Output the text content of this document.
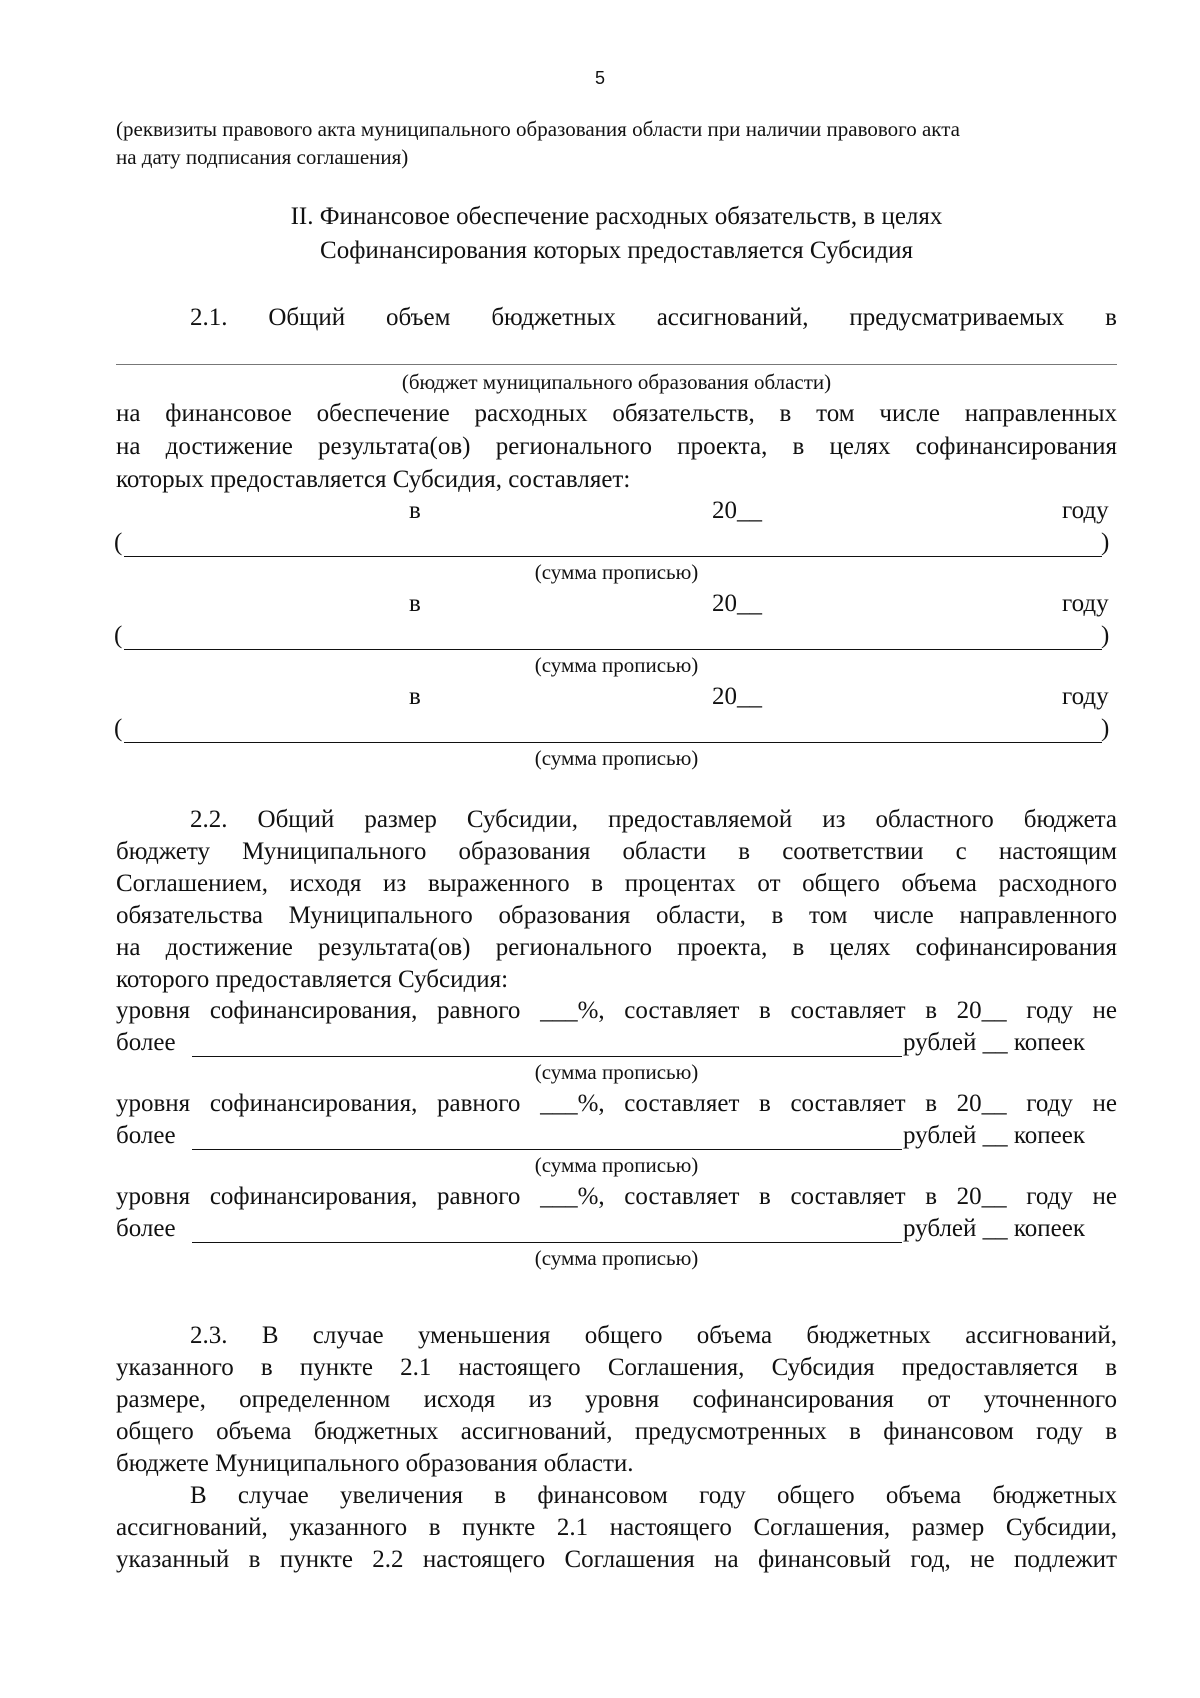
5
(реквизиты правового акта муниципального образования области при наличии правового акта
на дату подписания соглашения)
II. Финансовое обеспечение расходных обязательств, в целях
Софинансирования которых предоставляется Субсидия
2.1. Общий объем бюджетных ассигнований, предусматриваемых в
(бюджет муниципального образования области)
на финансовое обеспечение расходных обязательств, в том числе направленных
на достижение результата(ов) регионального проекта, в целях софинансирования
которых предоставляется Субсидия, составляет:
в	20__	году
(	)
(сумма прописью)
в	20__	году
(	)
(сумма прописью)
в	20__	году
(	)
(сумма прописью)
2.2. Общий размер Субсидии, предоставляемой из областного бюджета
бюджету Муниципального образования области в соответствии с настоящим
Соглашением, исходя из выраженного в процентах от общего объема расходного
обязательства Муниципального образования области, в том числе направленного
на достижение результата(ов) регионального проекта, в целях софинансирования
которого предоставляется Субсидия:
уровня софинансирования, равного ___%, составляет в составляет в 20__ году не
более	рублей __ копеек
(сумма прописью)
уровня софинансирования, равного ___%, составляет в составляет в 20__ году не
более	рублей __ копеек
(сумма прописью)
уровня софинансирования, равного ___%, составляет в составляет в 20__ году не
более	рублей __ копеек
(сумма прописью)
2.3. В случае уменьшения общего объема бюджетных ассигнований,
указанного в пункте 2.1 настоящего Соглашения, Субсидия предоставляется в
размере, определенном исходя из уровня софинансирования от уточненного
общего объема бюджетных ассигнований, предусмотренных в финансовом году в
бюджете Муниципального образования области.
В случае увеличения в финансовом году общего объема бюджетных
ассигнований, указанного в пункте 2.1 настоящего Соглашения, размер Субсидии,
указанный в пункте 2.2 настоящего Соглашения на финансовый год, не подлежит
